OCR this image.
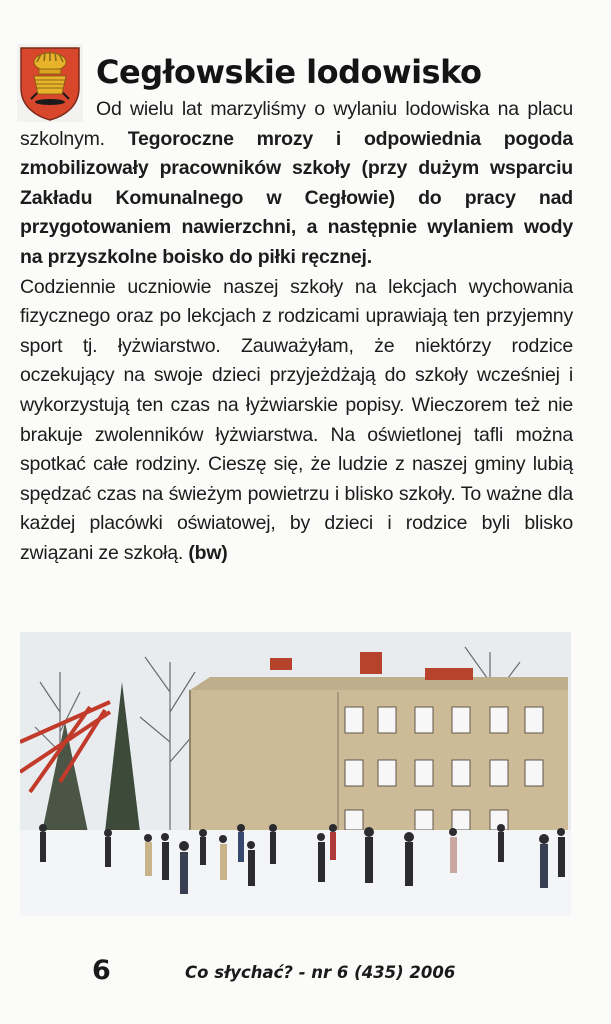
Cegłowskie lodowisko
Od wielu lat marzyliśmy o wylaniu lodowiska na placu szkolnym. Tegoroczne mrozy i odpowiednia pogoda zmobilizowały pracowników szkoły (przy dużym wsparciu Zakładu Komunalnego w Cegłowie) do pracy nad przygotowaniem nawierzchni, a następnie wylaniem wody na przyszkolne boisko do piłki ręcznej.
Codziennie uczniowie naszej szkoły na lekcjach wychowania fizycznego oraz po lekcjach z rodzicami uprawiają ten przyjemny sport tj. łyżwiarstwo. Zauważyłam, że niektórzy rodzice oczekujący na swoje dzieci przyjeżdżają do szkoły wcześniej i wykorzystują ten czas na łyżwiarskie popisy. Wieczorem też nie brakuje zwolenników łyżwiarstwa. Na oświetlonej tafli można spotkać całe rodziny. Cieszę się, że ludzie z naszej gminy lubią spędzać czas na świeżym powietrzu i blisko szkoły. To ważne dla każdej placówki oświatowej, by dzieci i rodzice byli blisko związani ze szkołą. (bw)
6	Co słychać? - nr 6 (435) 2006
